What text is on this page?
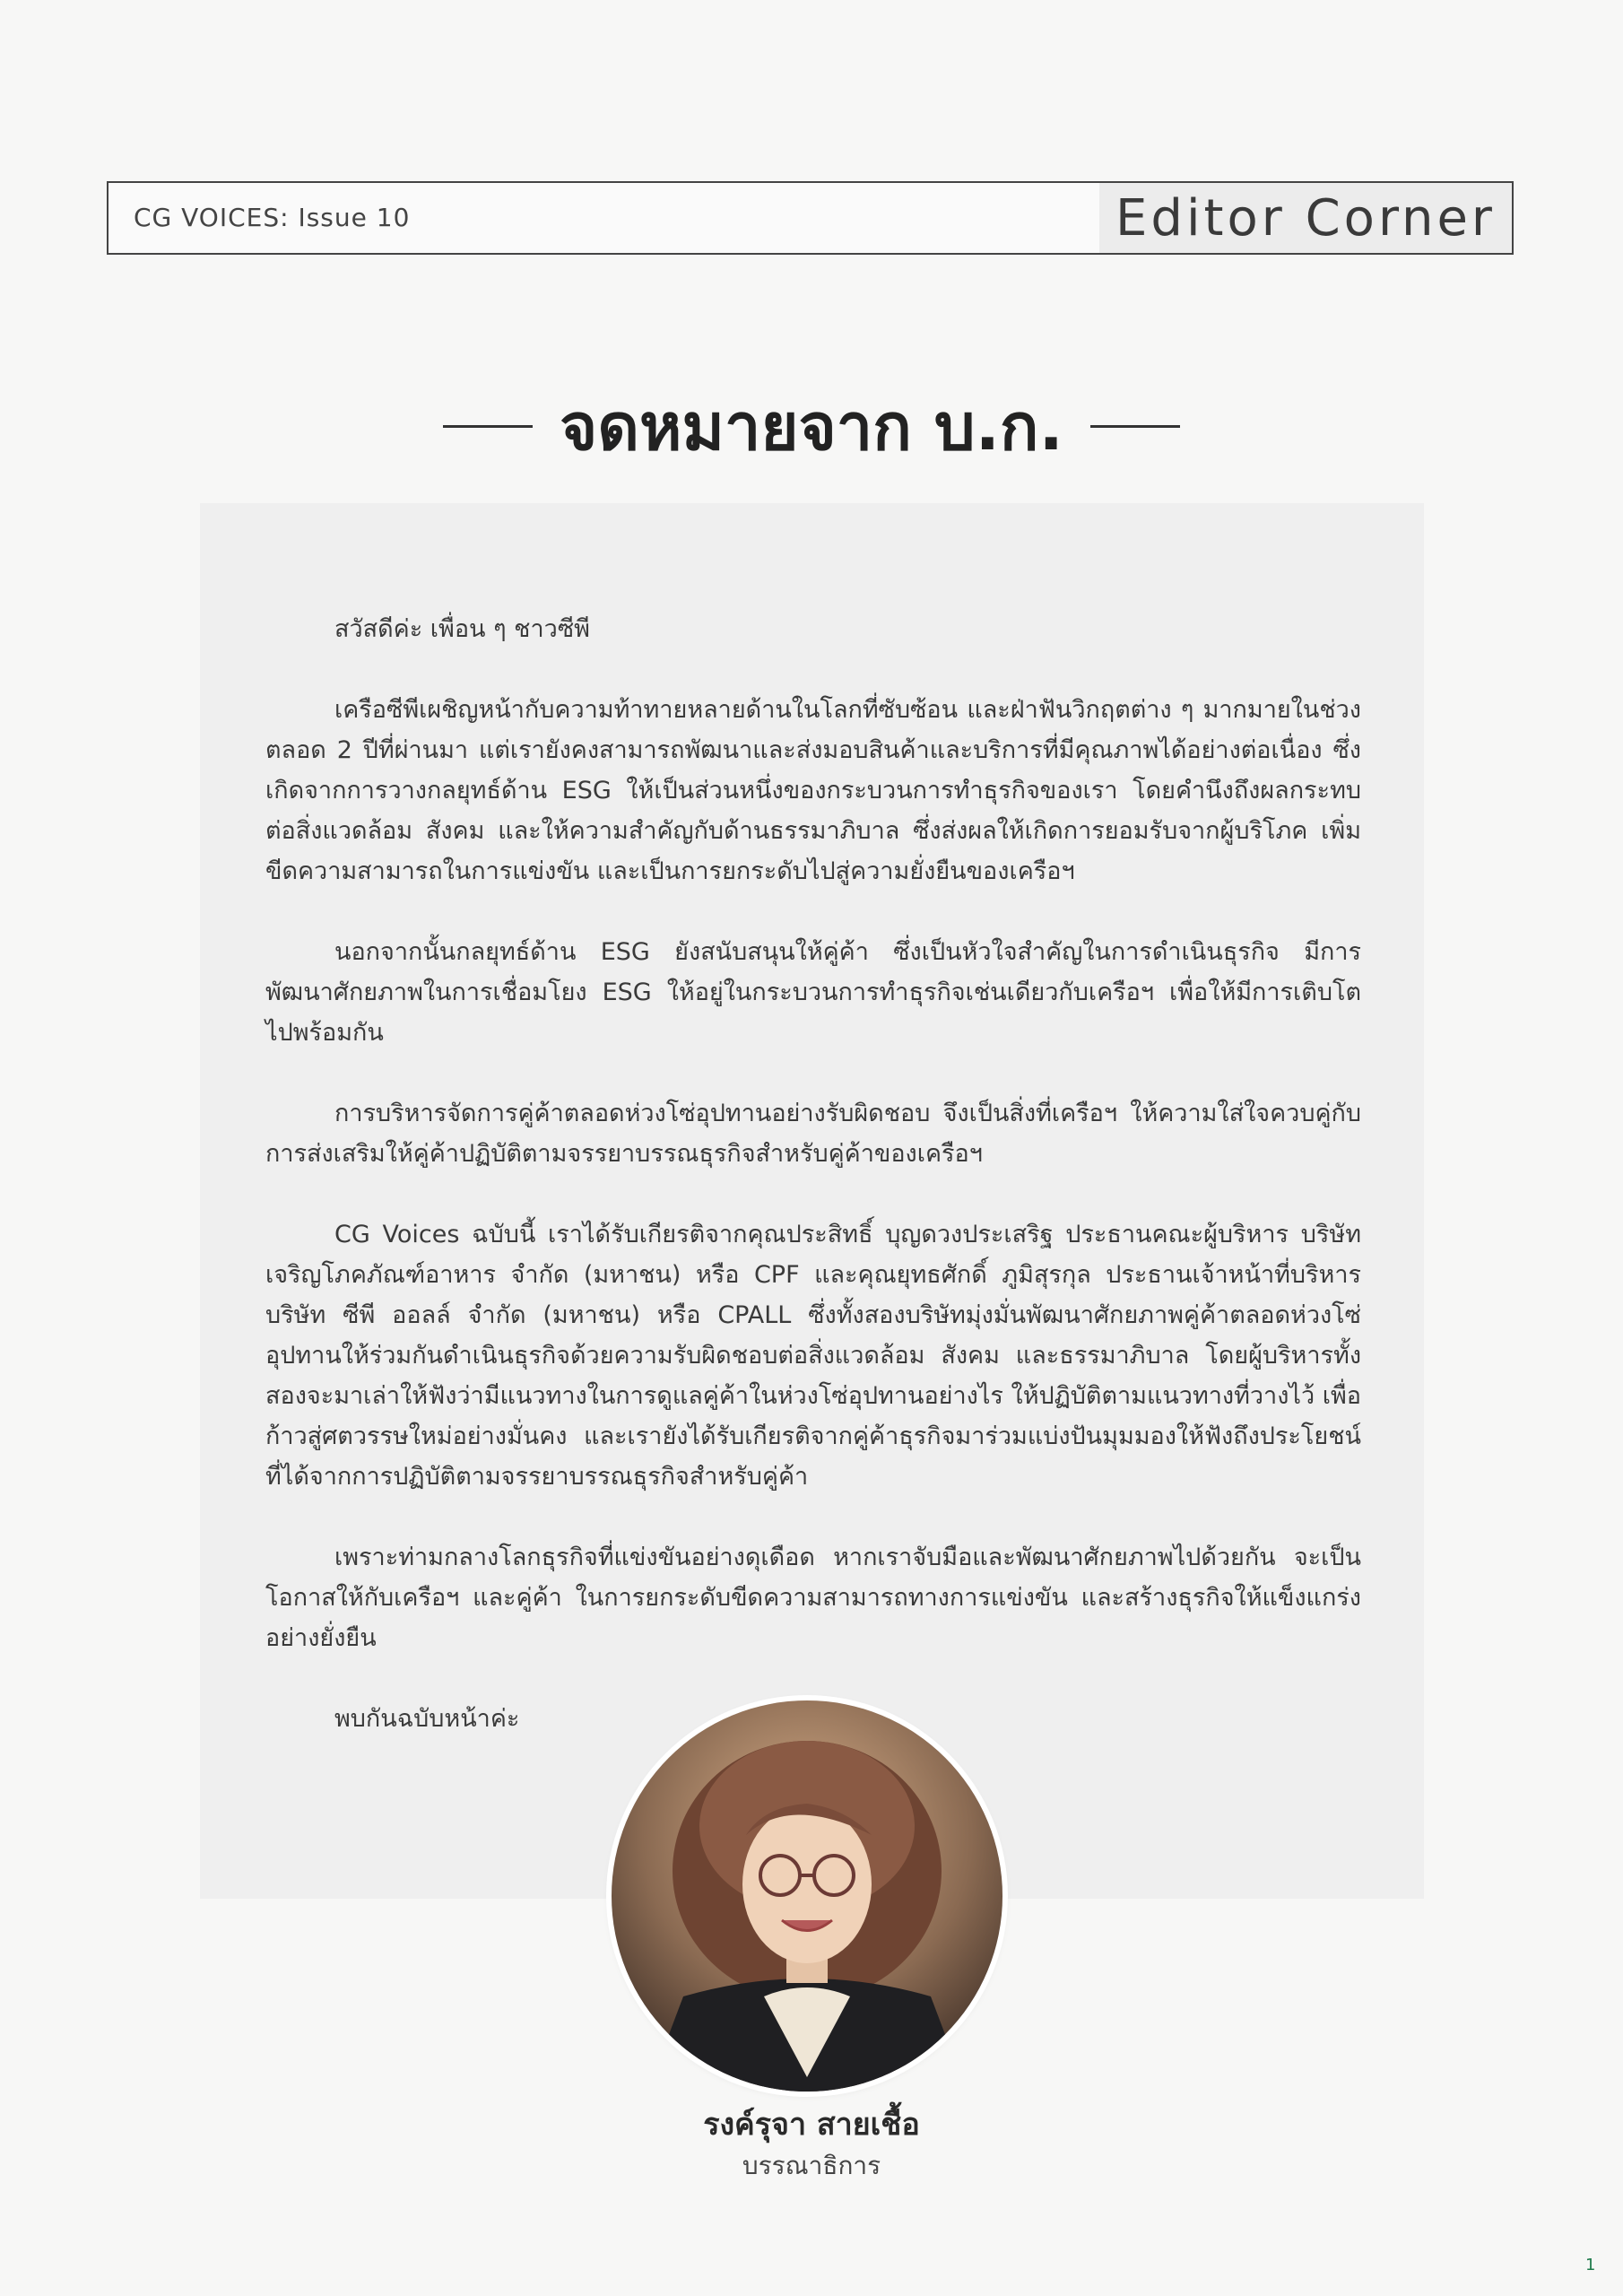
CG VOICES: Issue 10	Editor Corner
จดหมายจาก บ.ก.

สวัสดีค่ะ เพื่อน ๆ ชาวซีพี

เครือซีพีเผชิญหน้ากับความท้าทายหลายด้านในโลกที่ซับซ้อน และฝ่าฟันวิกฤตต่าง ๆ มากมายในช่วงตลอด 2 ปีที่ผ่านมา แต่เรายังคงสามารถพัฒนาและส่งมอบสินค้าและบริการที่มีคุณภาพได้อย่างต่อเนื่อง ซึ่งเกิดจากการวางกลยุทธ์ด้าน ESG ให้เป็นส่วนหนึ่งของกระบวนการทำธุรกิจของเรา โดยคำนึงถึงผลกระทบต่อสิ่งแวดล้อม สังคม และให้ความสำคัญกับด้านธรรมาภิบาล ซึ่งส่งผลให้เกิดการยอมรับจากผู้บริโภค เพิ่มขีดความสามารถในการแข่งขัน และเป็นการยกระดับไปสู่ความยั่งยืนของเครือฯ

นอกจากนั้นกลยุทธ์ด้าน ESG ยังสนับสนุนให้คู่ค้า ซึ่งเป็นหัวใจสำคัญในการดำเนินธุรกิจ มีการพัฒนาศักยภาพในการเชื่อมโยง ESG ให้อยู่ในกระบวนการทำธุรกิจเช่นเดียวกับเครือฯ เพื่อให้มีการเติบโตไปพร้อมกัน

การบริหารจัดการคู่ค้าตลอดห่วงโซ่อุปทานอย่างรับผิดชอบ จึงเป็นสิ่งที่เครือฯ ให้ความใส่ใจควบคู่กับการส่งเสริมให้คู่ค้าปฏิบัติตามจรรยาบรรณธุรกิจสำหรับคู่ค้าของเครือฯ

CG Voices ฉบับนี้ เราได้รับเกียรติจากคุณประสิทธิ์ บุญดวงประเสริฐ ประธานคณะผู้บริหาร บริษัท เจริญโภคภัณฑ์อาหาร จำกัด (มหาชน) หรือ CPF และคุณยุทธศักดิ์ ภูมิสุรกุล ประธานเจ้าหน้าที่บริหาร บริษัท ซีพี ออลล์ จำกัด (มหาชน) หรือ CPALL ซึ่งทั้งสองบริษัทมุ่งมั่นพัฒนาศักยภาพคู่ค้าตลอดห่วงโซ่อุปทานให้ร่วมกันดำเนินธุรกิจด้วยความรับผิดชอบต่อสิ่งแวดล้อม สังคม และธรรมาภิบาล โดยผู้บริหารทั้งสองจะมาเล่าให้ฟังว่ามีแนวทางในการดูแลคู่ค้าในห่วงโซ่อุปทานอย่างไร ให้ปฏิบัติตามแนวทางที่วางไว้ เพื่อก้าวสู่ศตวรรษใหม่อย่างมั่นคง และเรายังได้รับเกียรติจากคู่ค้าธุรกิจมาร่วมแบ่งปันมุมมองให้ฟังถึงประโยชน์ที่ได้จากการปฏิบัติตามจรรยาบรรณธุรกิจสำหรับคู่ค้า

เพราะท่ามกลางโลกธุรกิจที่แข่งขันอย่างดุเดือด หากเราจับมือและพัฒนาศักยภาพไปด้วยกัน จะเป็นโอกาสให้กับเครือฯ และคู่ค้า ในการยกระดับขีดความสามารถทางการแข่งขัน และสร้างธุรกิจให้แข็งแกร่งอย่างยั่งยืน

พบกันฉบับหน้าค่ะ

รงค์รุจา สายเชื้อ
บรรณาธิการ
1
